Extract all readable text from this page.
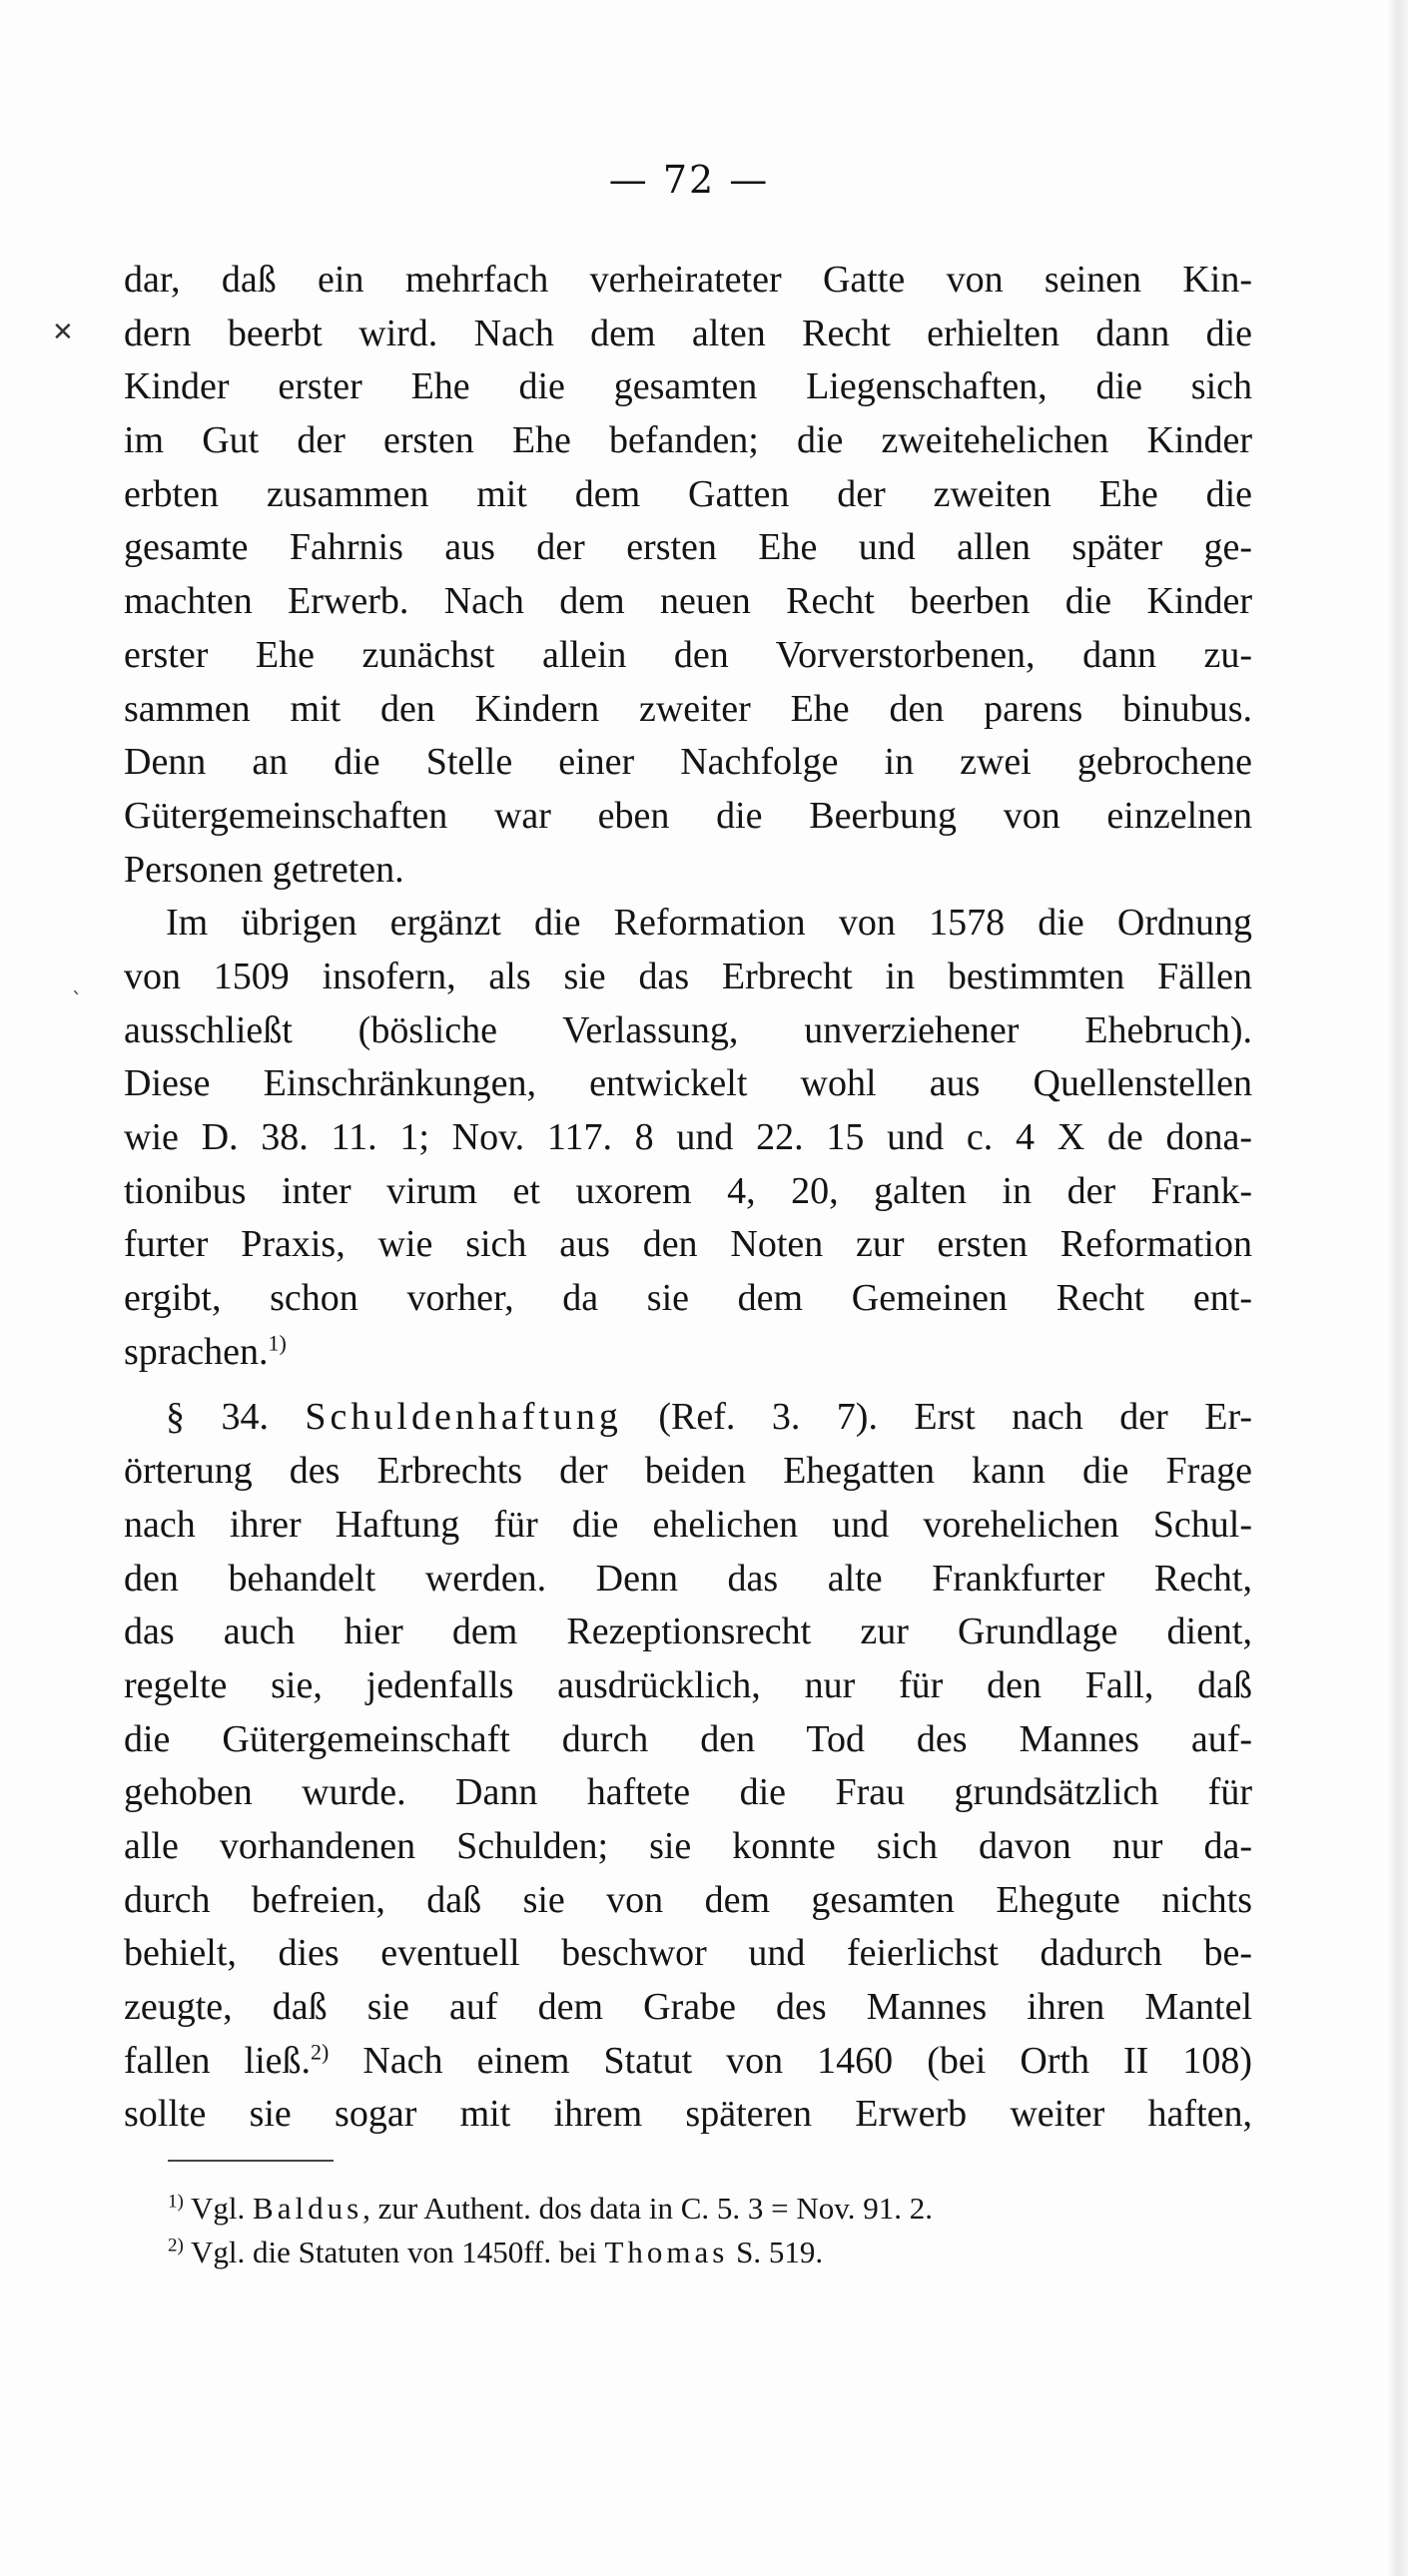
— 72 —
✕
ˎ
dar, daß ein mehrfach verheirateter Gatte von seinen Kin-
dern beerbt wird. Nach dem alten Recht erhielten dann die
Kinder erster Ehe die gesamten Liegenschaften, die sich
im Gut der ersten Ehe befanden; die zweitehelichen Kinder
erbten zusammen mit dem Gatten der zweiten Ehe die
gesamte Fahrnis aus der ersten Ehe und allen später ge-
machten Erwerb. Nach dem neuen Recht beerben die Kinder
erster Ehe zunächst allein den Vorverstorbenen, dann zu-
sammen mit den Kindern zweiter Ehe den parens binubus.
Denn an die Stelle einer Nachfolge in zwei gebrochene
Gütergemeinschaften war eben die Beerbung von einzelnen
Personen getreten.
Im übrigen ergänzt die Reformation von 1578 die Ordnung
von 1509 insofern, als sie das Erbrecht in bestimmten Fällen
ausschließt (bösliche Verlassung, unverziehener Ehebruch).
Diese Einschränkungen, entwickelt wohl aus Quellenstellen
wie D. 38. 11. 1; Nov. 117. 8 und 22. 15 und c. 4 X de dona-
tionibus inter virum et uxorem 4, 20, galten in der Frank-
furter Praxis, wie sich aus den Noten zur ersten Reformation
ergibt, schon vorher, da sie dem Gemeinen Recht ent-
sprachen.$^{1)}$
§ 34. Schuldenhaftung (Ref. 3. 7). Erst nach der Er-
örterung des Erbrechts der beiden Ehegatten kann die Frage
nach ihrer Haftung für die ehelichen und vorehelichen Schul-
den behandelt werden. Denn das alte Frankfurter Recht,
das auch hier dem Rezeptionsrecht zur Grundlage dient,
regelte sie, jedenfalls ausdrücklich, nur für den Fall, daß
die Gütergemeinschaft durch den Tod des Mannes auf-
gehoben wurde. Dann haftete die Frau grundsätzlich für
alle vorhandenen Schulden; sie konnte sich davon nur da-
durch befreien, daß sie von dem gesamten Ehegute nichts
behielt, dies eventuell beschwor und feierlichst dadurch be-
zeugte, daß sie auf dem Grabe des Mannes ihren Mantel
fallen ließ.$^{2)}$ Nach einem Statut von 1460 (bei Orth II 108)
sollte sie sogar mit ihrem späteren Erwerb weiter haften,
$^{1)}$ Vgl. Baldus, zur Authent. dos data in C. 5. 3 = Nov. 91. 2.
$^{2)}$ Vgl. die Statuten von 1450ff. bei Thomas S. 519.
